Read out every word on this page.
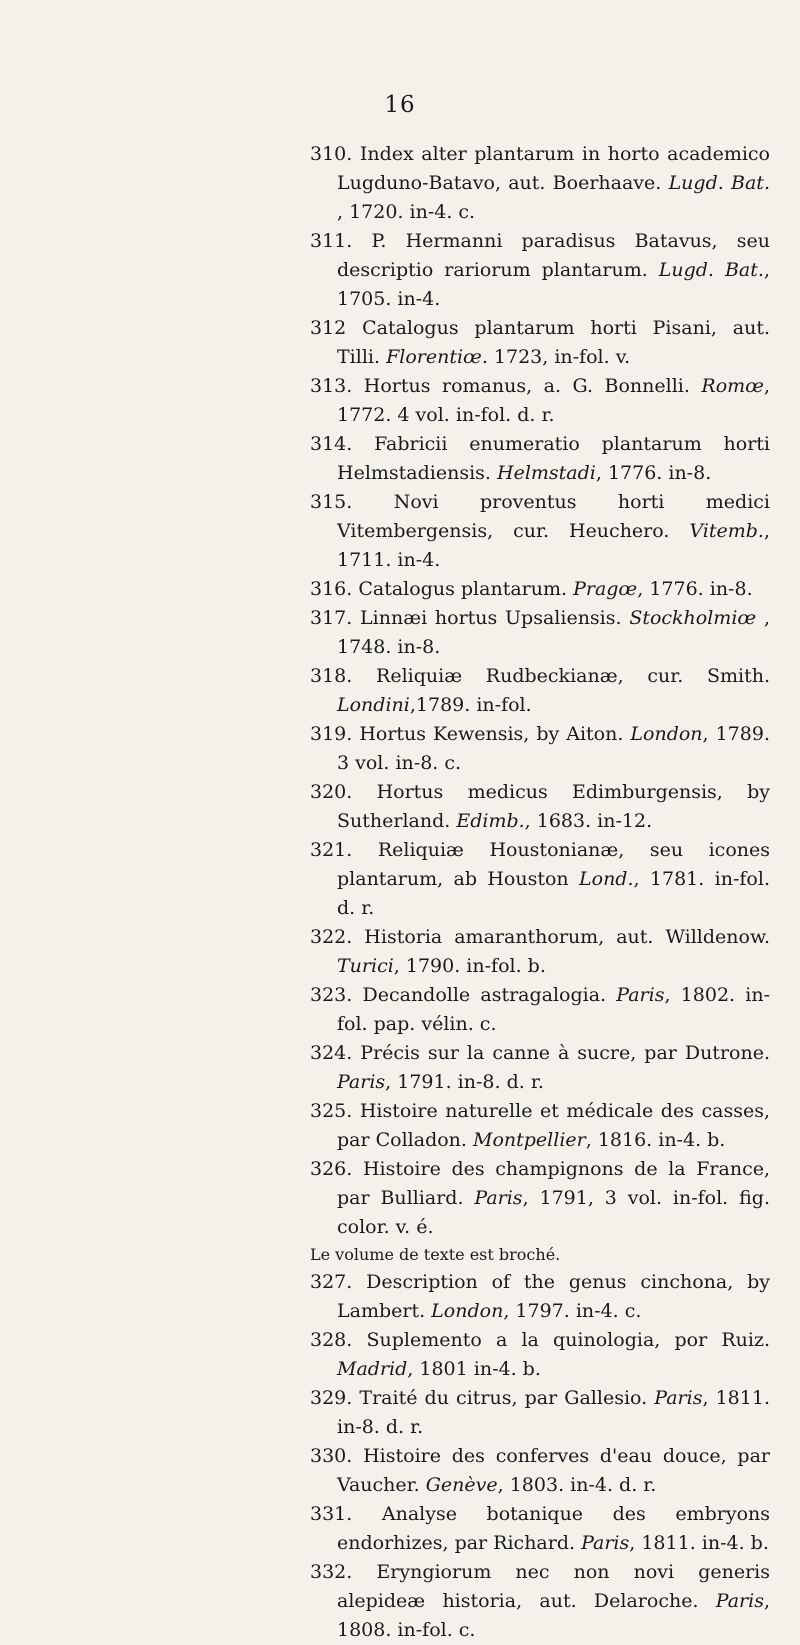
16
310. Index alter plantarum in horto academico Lugduno-Batavo, aut. Boerhaave. Lugd. Bat. , 1720. in-4. c.
311. P. Hermanni paradisus Batavus, seu descriptio rariorum plantarum. Lugd. Bat., 1705. in-4.
312 Catalogus plantarum horti Pisani, aut. Tilli. Florentiœ. 1723, in-fol. v.
313. Hortus romanus, a. G. Bonnelli. Romœ, 1772. 4 vol. in-fol. d. r.
314. Fabricii enumeratio plantarum horti Helmstadiensis. Helmstadi, 1776. in-8.
315. Novi proventus horti medici Vitembergensis, cur. Heuchero. Vitemb., 1711. in-4.
316. Catalogus plantarum. Pragœ, 1776. in-8.
317. Linnæi hortus Upsaliensis. Stockholmiœ , 1748. in-8.
318. Reliquiæ Rudbeckianæ, cur. Smith. Londini,1789. in-fol.
319. Hortus Kewensis, by Aiton. London, 1789. 3 vol. in-8. c.
320. Hortus medicus Edimburgensis, by Sutherland. Edimb., 1683. in-12.
321. Reliquiæ Houstonianæ, seu icones plantarum, ab Houston Lond., 1781. in-fol. d. r.
322. Historia amaranthorum, aut. Willdenow. Turici, 1790. in-fol. b.
323. Decandolle astragalogia. Paris, 1802. in-fol. pap. vélin. c.
324. Précis sur la canne à sucre, par Dutrone. Paris, 1791. in-8. d. r.
325. Histoire naturelle et médicale des casses, par Colladon. Montpellier, 1816. in-4. b.
326. Histoire des champignons de la France, par Bulliard. Paris, 1791, 3 vol. in-fol. fig. color. v. é.
Le volume de texte est broché.
327. Description of the genus cinchona, by Lambert. London, 1797. in-4. c.
328. Suplemento a la quinologia, por Ruiz. Madrid, 1801 in-4. b.
329. Traité du citrus, par Gallesio. Paris, 1811. in-8. d. r.
330. Histoire des conferves d'eau douce, par Vaucher. Genève, 1803. in-4. d. r.
331. Analyse botanique des embryons endorhizes, par Richard. Paris, 1811. in-4. b.
332. Eryngiorum nec non novi generis alepideæ historia, aut. Delaroche. Paris, 1808. in-fol. c.
